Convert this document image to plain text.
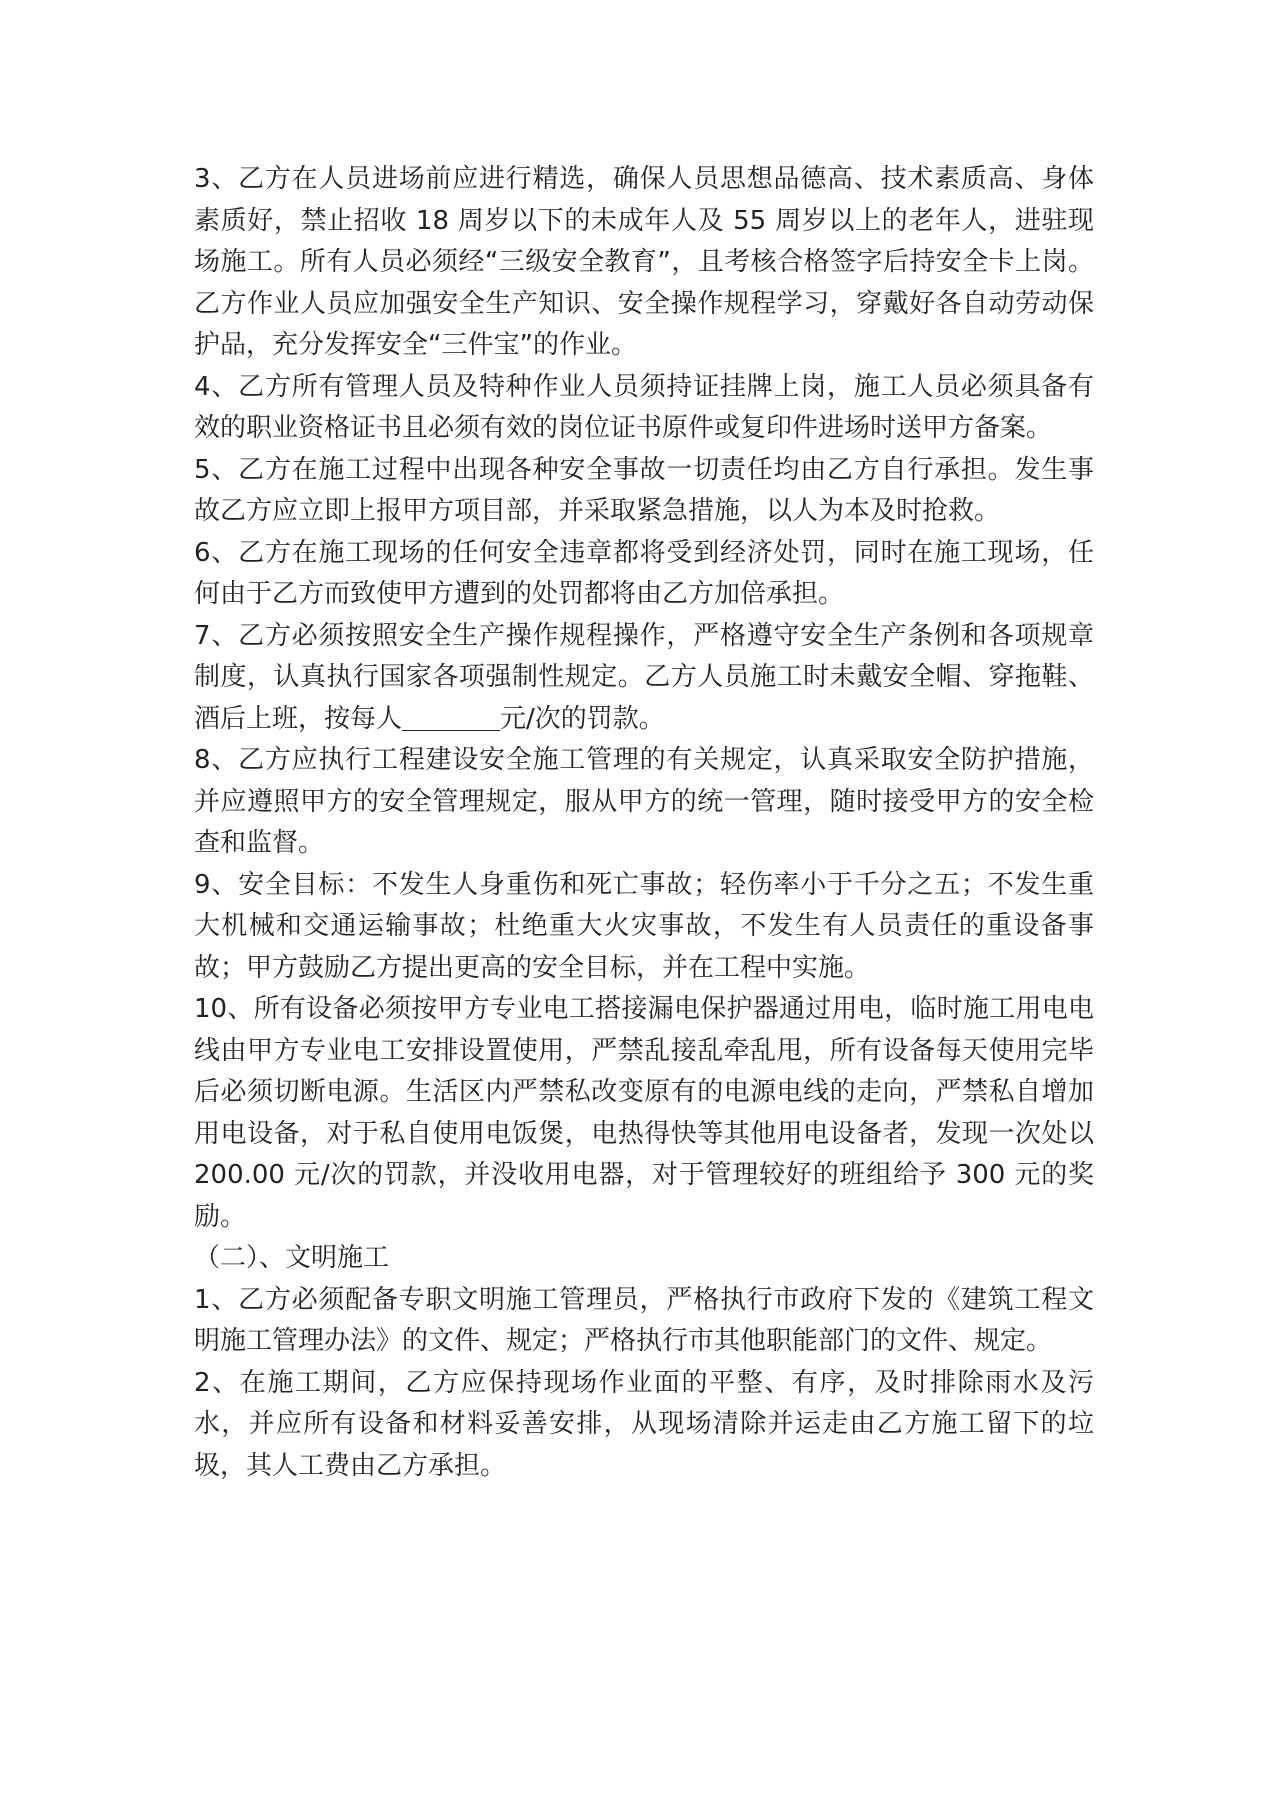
3、乙方在人员进场前应进行精选，确保人员思想品德高、技术素质高、身体素质好，禁止招收 18 周岁以下的未成年人及 55 周岁以上的老年人，进驻现场施工。所有人员必须经“三级安全教育”，且考核合格签字后持安全卡上岗。乙方作业人员应加强安全生产知识、安全操作规程学习，穿戴好各自动劳动保护品，充分发挥安全“三件宝”的作业。

4、乙方所有管理人员及特种作业人员须持证挂牌上岗，施工人员必须具备有效的职业资格证书且必须有效的岗位证书原件或复印件进场时送甲方备案。

5、乙方在施工过程中出现各种安全事故一切责任均由乙方自行承担。发生事故乙方应立即上报甲方项目部，并采取紧急措施，以人为本及时抢救。

6、乙方在施工现场的任何安全违章都将受到经济处罚，同时在施工现场，任何由于乙方而致使甲方遭到的处罚都将由乙方加倍承担。

7、乙方必须按照安全生产操作规程操作，严格遵守安全生产条例和各项规章制度，认真执行国家各项强制性规定。乙方人员施工时未戴安全帽、穿拖鞋、酒后上班，按每人	元/次的罚款。

8、乙方应执行工程建设安全施工管理的有关规定，认真采取安全防护措施，并应遵照甲方的安全管理规定，服从甲方的统一管理，随时接受甲方的安全检查和监督。

9、安全目标：不发生人身重伤和死亡事故；轻伤率小于千分之五；不发生重大机械和交通运输事故；杜绝重大火灾事故，不发生有人员责任的重设备事故；甲方鼓励乙方提出更高的安全目标，并在工程中实施。

10、所有设备必须按甲方专业电工搭接漏电保护器通过用电，临时施工用电电线由甲方专业电工安排设置使用，严禁乱接乱牵乱甩，所有设备每天使用完毕后必须切断电源。生活区内严禁私改变原有的电源电线的走向，严禁私自增加用电设备，对于私自使用电饭煲，电热得快等其他用电设备者，发现一次处以 200.00 元/次的罚款，并没收用电器，对于管理较好的班组给予 300 元的奖励。

（二）、文明施工

1、乙方必须配备专职文明施工管理员，严格执行市政府下发的《建筑工程文明施工管理办法》的文件、规定；严格执行市其他职能部门的文件、规定。

2、在施工期间，乙方应保持现场作业面的平整、有序，及时排除雨水及污水，并应所有设备和材料妥善安排，从现场清除并运走由乙方施工留下的垃圾，其人工费由乙方承担。
